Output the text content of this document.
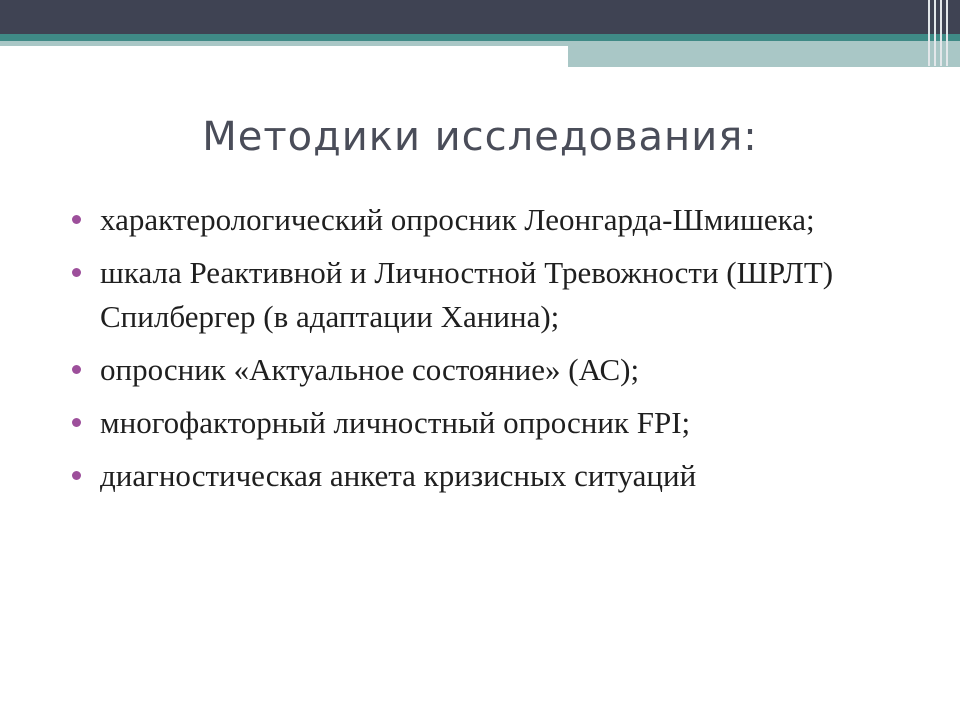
Методики исследования:
характерологический опросник Леонгарда-Шмишека;
шкала Реактивной и Личностной Тревожности (ШРЛТ) Спилбергер (в адаптации Ханина);
опросник «Актуальное состояние» (АС);
многофакторный личностный опросник FPI;
диагностическая анкета кризисных ситуаций
